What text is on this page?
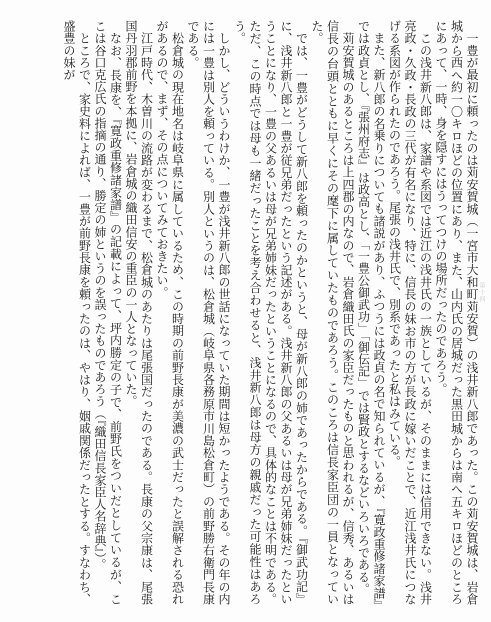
一豊が最初に頼ったのは苅安賀城（一宮市大和町苅安賀）の浅井新八郎であった。この苅安賀城は、岩倉城から西へ約一〇キロほどの位置にあり、また、山内氏の居城だった黒田城からは南へ五キロほどのところにあって、一時、身を隠すにはうってつけの場所だったのであろう。

この浅井新八郎は、家譜や系図では近江の浅井氏の一族としているが、そのままには信用できない。浅井亮政・久政・長政の三代が有名になり、特に、信長の妹お市の方が長政に嫁いだことで、近江浅井氏につなげる系図が作られたのであろう。尾張の浅井氏で、別系であったと私はみている。

また、新八郎の名乗りについても諸説があり、ふつうには政貞の名で知られているが、『寛政重修諸家譜』では政貞とし、『張州府志』は政高とし、「一豊公御武功」「御伝記」では賢政とするなどいろいろである。

苅安賀城のあるところは上四郡の内なので、岩倉織田氏の家臣だったものと思われるが、信秀、あるいは信長の台頭とともに早くにその麾下に属していたものであろう。このころは信長家臣団の一員となっていた。

では、一豊がどうして新八郎を頼ったのかというと、母が新八郎の姉であったからである。『御武功記』に、浅井新八郎と一豊が従兄弟だったという記述がある。浅井新八郎の父あるいは母が兄弟姉妹だったということになり、一豊の父あるいは母が兄弟姉妹だったということになるので、具体的なことは不明である。ただ、この時点では母も一緒だったことを考え合わせると、浅井新八郎は母方の親戚だった可能性はあろう。

しかし、どういうわけか、一豊が浅井新八郎の世話になっていた期間は短かったようである。その年の内には一豊は別人を頼っている。別人というのは、松倉城（岐阜県各務原市川島松倉町）の前野勝右衛門長康である。

松倉城の現在地名は岐阜県に属しているため、この時期の前野長康が美濃の武士だったと誤解される恐れがあるので、まず、その点についてみておきたい。

江戸時代、木曽川の流路が変わるまで、松倉城のあたりは尾張国だったのである。長康の父宗康は、尾張国丹羽郡前野を本拠に、岩倉城の織田信安の重臣の一人となっていた。

なお、長康を、『寛政重修諸家譜』の記載によって、坪内勝定の子で、前野氏をついだとしているが、ここは谷口克広氏の指摘の通り、勝定の姉というのを誤ったものであろう（『織田信長家臣人名辞典』）。

ところで、家史料によれば、一豊が前野長康を頼ったのは、やはり、姻戚関係だったとする。すなわち、盛豊の妹が

第十四
